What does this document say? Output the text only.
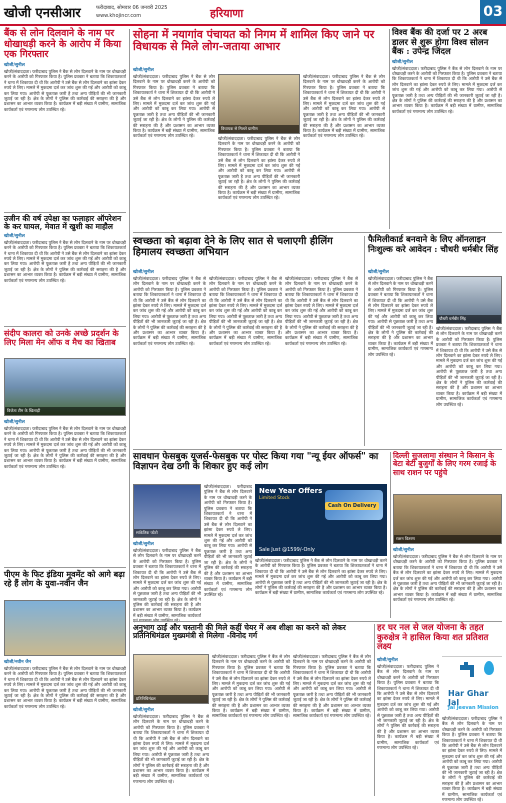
खोजी एनसीआर	फरीदाबाद, सोमवार 06 जनवरी 2025
www.khojincr.com	हरियाणा	03
बैंक से लोन दिलवाने के नाम पर धोखाधड़ी करने के आरोप में किया एक गिरफ्तार
खोजी/सुनील
खोजी/संवाददाता। फरीदाबाद पुलिस ने बैंक से लोन दिलवाने के नाम पर धोखाधड़ी करने के आरोपी को गिरफ्तार किया है। पुलिस प्रवक्ता ने बताया कि शिकायतकर्ता ने थाना में शिकायत दी थी कि आरोपी ने उसे बैंक से लोन दिलवाने का झांसा देकर रुपये ले लिए। मामले में मुकदमा दर्ज कर जांच शुरू की गई और आरोपी को काबू कर लिया गया। आरोपी से पूछताछ जारी है तथा अन्य पीड़ितों की भी जानकारी जुटाई जा रही है। क्षेत्र के लोगों ने पुलिस की कार्रवाई की सराहना की है और प्रशासन का आभार व्यक्त किया है। कार्यक्रम में बड़ी संख्या में ग्रामीण, सामाजिक कार्यकर्ता एवं गणमान्य लोग उपस्थित रहे।
उजीन की वर्ष उपेक्षा का फलाहार ऑपरेशन के कर घायल, मेवात में खुशी का माहौल
खोजी/सुनील
खोजी/संवाददाता। फरीदाबाद पुलिस ने बैंक से लोन दिलवाने के नाम पर धोखाधड़ी करने के आरोपी को गिरफ्तार किया है। पुलिस प्रवक्ता ने बताया कि शिकायतकर्ता ने थाना में शिकायत दी थी कि आरोपी ने उसे बैंक से लोन दिलवाने का झांसा देकर रुपये ले लिए। मामले में मुकदमा दर्ज कर जांच शुरू की गई और आरोपी को काबू कर लिया गया। आरोपी से पूछताछ जारी है तथा अन्य पीड़ितों की भी जानकारी जुटाई जा रही है। क्षेत्र के लोगों ने पुलिस की कार्रवाई की सराहना की है और प्रशासन का आभार व्यक्त किया है। कार्यक्रम में बड़ी संख्या में ग्रामीण, सामाजिक कार्यकर्ता एवं गणमान्य लोग उपस्थित रहे।
संदीप कालरा को उनके अच्छे प्रदर्शन के लिए मिला मेन ऑफ व मैच का खिताब
विजेता टीम के खिलाड़ी
खोजी/सुनील
खोजी/संवाददाता। फरीदाबाद पुलिस ने बैंक से लोन दिलवाने के नाम पर धोखाधड़ी करने के आरोपी को गिरफ्तार किया है। पुलिस प्रवक्ता ने बताया कि शिकायतकर्ता ने थाना में शिकायत दी थी कि आरोपी ने उसे बैंक से लोन दिलवाने का झांसा देकर रुपये ले लिए। मामले में मुकदमा दर्ज कर जांच शुरू की गई और आरोपी को काबू कर लिया गया। आरोपी से पूछताछ जारी है तथा अन्य पीड़ितों की भी जानकारी जुटाई जा रही है। क्षेत्र के लोगों ने पुलिस की कार्रवाई की सराहना की है और प्रशासन का आभार व्यक्त किया है। कार्यक्रम में बड़ी संख्या में ग्रामीण, सामाजिक कार्यकर्ता एवं गणमान्य लोग उपस्थित रहे।
पीएम के फिट इंडिया मूवमेंट को आगे बढ़ा रहे हैं लोग के युवा-नवीन जैन
खोजी/नवीन जैन
खोजी/संवाददाता। फरीदाबाद पुलिस ने बैंक से लोन दिलवाने के नाम पर धोखाधड़ी करने के आरोपी को गिरफ्तार किया है। पुलिस प्रवक्ता ने बताया कि शिकायतकर्ता ने थाना में शिकायत दी थी कि आरोपी ने उसे बैंक से लोन दिलवाने का झांसा देकर रुपये ले लिए। मामले में मुकदमा दर्ज कर जांच शुरू की गई और आरोपी को काबू कर लिया गया। आरोपी से पूछताछ जारी है तथा अन्य पीड़ितों की भी जानकारी जुटाई जा रही है। क्षेत्र के लोगों ने पुलिस की कार्रवाई की सराहना की है और प्रशासन का आभार व्यक्त किया है। कार्यक्रम में बड़ी संख्या में ग्रामीण, सामाजिक कार्यकर्ता एवं गणमान्य लोग उपस्थित रहे।
सोहना में नयागांव पंचायत को निगम में शामिल किए जाने पर विधायक से मिले लोग-जताया आभार
खोजी/सुनील
खोजी/संवाददाता। फरीदाबाद पुलिस ने बैंक से लोन दिलवाने के नाम पर धोखाधड़ी करने के आरोपी को गिरफ्तार किया है। पुलिस प्रवक्ता ने बताया कि शिकायतकर्ता ने थाना में शिकायत दी थी कि आरोपी ने उसे बैंक से लोन दिलवाने का झांसा देकर रुपये ले लिए। मामले में मुकदमा दर्ज कर जांच शुरू की गई और आरोपी को काबू कर लिया गया। आरोपी से पूछताछ जारी है तथा अन्य पीड़ितों की भी जानकारी जुटाई जा रही है। क्षेत्र के लोगों ने पुलिस की कार्रवाई की सराहना की है और प्रशासन का आभार व्यक्त किया है। कार्यक्रम में बड़ी संख्या में ग्रामीण, सामाजिक कार्यकर्ता एवं गणमान्य लोग उपस्थित रहे।
विधायक से मिलते ग्रामीण
खोजी/संवाददाता। फरीदाबाद पुलिस ने बैंक से लोन दिलवाने के नाम पर धोखाधड़ी करने के आरोपी को गिरफ्तार किया है। पुलिस प्रवक्ता ने बताया कि शिकायतकर्ता ने थाना में शिकायत दी थी कि आरोपी ने उसे बैंक से लोन दिलवाने का झांसा देकर रुपये ले लिए। मामले में मुकदमा दर्ज कर जांच शुरू की गई और आरोपी को काबू कर लिया गया। आरोपी से पूछताछ जारी है तथा अन्य पीड़ितों की भी जानकारी जुटाई जा रही है। क्षेत्र के लोगों ने पुलिस की कार्रवाई की सराहना की है और प्रशासन का आभार व्यक्त किया है। कार्यक्रम में बड़ी संख्या में ग्रामीण, सामाजिक कार्यकर्ता एवं गणमान्य लोग उपस्थित रहे।
खोजी/संवाददाता। फरीदाबाद पुलिस ने बैंक से लोन दिलवाने के नाम पर धोखाधड़ी करने के आरोपी को गिरफ्तार किया है। पुलिस प्रवक्ता ने बताया कि शिकायतकर्ता ने थाना में शिकायत दी थी कि आरोपी ने उसे बैंक से लोन दिलवाने का झांसा देकर रुपये ले लिए। मामले में मुकदमा दर्ज कर जांच शुरू की गई और आरोपी को काबू कर लिया गया। आरोपी से पूछताछ जारी है तथा अन्य पीड़ितों की भी जानकारी जुटाई जा रही है। क्षेत्र के लोगों ने पुलिस की कार्रवाई की सराहना की है और प्रशासन का आभार व्यक्त किया है। कार्यक्रम में बड़ी संख्या में ग्रामीण, सामाजिक कार्यकर्ता एवं गणमान्य लोग उपस्थित रहे।
विश्व बैंक की दर्जा पर 2 अरब डालर से शुरू होगा विश्व सोलन बैंक : उपेन्द्र जिंदल
खोजी/सुनील
खोजी/संवाददाता। फरीदाबाद पुलिस ने बैंक से लोन दिलवाने के नाम पर धोखाधड़ी करने के आरोपी को गिरफ्तार किया है। पुलिस प्रवक्ता ने बताया कि शिकायतकर्ता ने थाना में शिकायत दी थी कि आरोपी ने उसे बैंक से लोन दिलवाने का झांसा देकर रुपये ले लिए। मामले में मुकदमा दर्ज कर जांच शुरू की गई और आरोपी को काबू कर लिया गया। आरोपी से पूछताछ जारी है तथा अन्य पीड़ितों की भी जानकारी जुटाई जा रही है। क्षेत्र के लोगों ने पुलिस की कार्रवाई की सराहना की है और प्रशासन का आभार व्यक्त किया है। कार्यक्रम में बड़ी संख्या में ग्रामीण, सामाजिक कार्यकर्ता एवं गणमान्य लोग उपस्थित रहे।
स्वच्छता को बढ़ावा देने के लिए सात से चलाएगी हीलिंग हिमालय स्वच्छता अभियान
खोजी/सुनील
खोजी/संवाददाता। फरीदाबाद पुलिस ने बैंक से लोन दिलवाने के नाम पर धोखाधड़ी करने के आरोपी को गिरफ्तार किया है। पुलिस प्रवक्ता ने बताया कि शिकायतकर्ता ने थाना में शिकायत दी थी कि आरोपी ने उसे बैंक से लोन दिलवाने का झांसा देकर रुपये ले लिए। मामले में मुकदमा दर्ज कर जांच शुरू की गई और आरोपी को काबू कर लिया गया। आरोपी से पूछताछ जारी है तथा अन्य पीड़ितों की भी जानकारी जुटाई जा रही है। क्षेत्र के लोगों ने पुलिस की कार्रवाई की सराहना की है और प्रशासन का आभार व्यक्त किया है। कार्यक्रम में बड़ी संख्या में ग्रामीण, सामाजिक कार्यकर्ता एवं गणमान्य लोग उपस्थित रहे।
खोजी/संवाददाता। फरीदाबाद पुलिस ने बैंक से लोन दिलवाने के नाम पर धोखाधड़ी करने के आरोपी को गिरफ्तार किया है। पुलिस प्रवक्ता ने बताया कि शिकायतकर्ता ने थाना में शिकायत दी थी कि आरोपी ने उसे बैंक से लोन दिलवाने का झांसा देकर रुपये ले लिए। मामले में मुकदमा दर्ज कर जांच शुरू की गई और आरोपी को काबू कर लिया गया। आरोपी से पूछताछ जारी है तथा अन्य पीड़ितों की भी जानकारी जुटाई जा रही है। क्षेत्र के लोगों ने पुलिस की कार्रवाई की सराहना की है और प्रशासन का आभार व्यक्त किया है। कार्यक्रम में बड़ी संख्या में ग्रामीण, सामाजिक कार्यकर्ता एवं गणमान्य लोग उपस्थित रहे।
खोजी/संवाददाता। फरीदाबाद पुलिस ने बैंक से लोन दिलवाने के नाम पर धोखाधड़ी करने के आरोपी को गिरफ्तार किया है। पुलिस प्रवक्ता ने बताया कि शिकायतकर्ता ने थाना में शिकायत दी थी कि आरोपी ने उसे बैंक से लोन दिलवाने का झांसा देकर रुपये ले लिए। मामले में मुकदमा दर्ज कर जांच शुरू की गई और आरोपी को काबू कर लिया गया। आरोपी से पूछताछ जारी है तथा अन्य पीड़ितों की भी जानकारी जुटाई जा रही है। क्षेत्र के लोगों ने पुलिस की कार्रवाई की सराहना की है और प्रशासन का आभार व्यक्त किया है। कार्यक्रम में बड़ी संख्या में ग्रामीण, सामाजिक कार्यकर्ता एवं गणमान्य लोग उपस्थित रहे।
फैमिलीकार्ड बनवाने के लिए ऑनलाइन निःशुल्क करे आवेदन : चौधरी धर्मबीर सिंह
खोजी/सुनील
खोजी/संवाददाता। फरीदाबाद पुलिस ने बैंक से लोन दिलवाने के नाम पर धोखाधड़ी करने के आरोपी को गिरफ्तार किया है। पुलिस प्रवक्ता ने बताया कि शिकायतकर्ता ने थाना में शिकायत दी थी कि आरोपी ने उसे बैंक से लोन दिलवाने का झांसा देकर रुपये ले लिए। मामले में मुकदमा दर्ज कर जांच शुरू की गई और आरोपी को काबू कर लिया गया। आरोपी से पूछताछ जारी है तथा अन्य पीड़ितों की भी जानकारी जुटाई जा रही है। क्षेत्र के लोगों ने पुलिस की कार्रवाई की सराहना की है और प्रशासन का आभार व्यक्त किया है। कार्यक्रम में बड़ी संख्या में ग्रामीण, सामाजिक कार्यकर्ता एवं गणमान्य लोग उपस्थित रहे।
चौधरी धर्मबीर सिंह
खोजी/संवाददाता। फरीदाबाद पुलिस ने बैंक से लोन दिलवाने के नाम पर धोखाधड़ी करने के आरोपी को गिरफ्तार किया है। पुलिस प्रवक्ता ने बताया कि शिकायतकर्ता ने थाना में शिकायत दी थी कि आरोपी ने उसे बैंक से लोन दिलवाने का झांसा देकर रुपये ले लिए। मामले में मुकदमा दर्ज कर जांच शुरू की गई और आरोपी को काबू कर लिया गया। आरोपी से पूछताछ जारी है तथा अन्य पीड़ितों की भी जानकारी जुटाई जा रही है। क्षेत्र के लोगों ने पुलिस की कार्रवाई की सराहना की है और प्रशासन का आभार व्यक्त किया है। कार्यक्रम में बड़ी संख्या में ग्रामीण, सामाजिक कार्यकर्ता एवं गणमान्य लोग उपस्थित रहे।
सावधान फेसबुक यूजर्स-फेसबुक पर पोस्ट किया गया "न्यू ईयर ऑफर्स" का विज्ञापन देख ठगी के शिकार हुए कई लोग
सांकेतिक फोटो
खोजी/सुनील
खोजी/संवाददाता। फरीदाबाद पुलिस ने बैंक से लोन दिलवाने के नाम पर धोखाधड़ी करने के आरोपी को गिरफ्तार किया है। पुलिस प्रवक्ता ने बताया कि शिकायतकर्ता ने थाना में शिकायत दी थी कि आरोपी ने उसे बैंक से लोन दिलवाने का झांसा देकर रुपये ले लिए। मामले में मुकदमा दर्ज कर जांच शुरू की गई और आरोपी को काबू कर लिया गया। आरोपी से पूछताछ जारी है तथा अन्य पीड़ितों की भी जानकारी जुटाई जा रही है। क्षेत्र के लोगों ने पुलिस की कार्रवाई की सराहना की है और प्रशासन का आभार व्यक्त किया है। कार्यक्रम में बड़ी संख्या में ग्रामीण, सामाजिक कार्यकर्ता
खोजी/संवाददाता। फरीदाबाद पुलिस ने बैंक से लोन दिलवाने के नाम पर धोखाधड़ी करने के आरोपी को गिरफ्तार किया है। पुलिस प्रवक्ता ने बताया कि शिकायतकर्ता ने थाना में शिकायत दी थी कि आरोपी ने उसे बैंक से लोन दिलवाने का झांसा देकर रुपये ले लिए। मामले में मुकदमा दर्ज कर जांच शुरू की गई और आरोपी को काबू कर लिया गया। आरोपी से पूछताछ जारी है तथा अन्य पीड़ितों की भी जानकारी जुटाई जा रही है। क्षेत्र के लोगों ने पुलिस की कार्रवाई की सराहना की है और प्रशासन का आभार व्यक्त किया है। कार्यक्रम में बड़ी संख्या में ग्रामीण, सामाजिक कार्यकर्ता एवं गणमान्य लोग उपस्थित रहे।
New Year Offers
Limited Stock
Cash On Delivery
Sale Just @1599/-Only
खोजी/संवाददाता। फरीदाबाद पुलिस ने बैंक से लोन दिलवाने के नाम पर धोखाधड़ी करने के आरोपी को गिरफ्तार किया है। पुलिस प्रवक्ता ने बताया कि शिकायतकर्ता ने थाना में शिकायत दी थी कि आरोपी ने उसे बैंक से लोन दिलवाने का झांसा देकर रुपये ले लिए। मामले में मुकदमा दर्ज कर जांच शुरू की गई और आरोपी को काबू कर लिया गया। आरोपी से पूछताछ जारी है तथा अन्य पीड़ितों की भी जानकारी जुटाई जा रही है। क्षेत्र के लोगों ने पुलिस की कार्रवाई की सराहना की है और प्रशासन का आभार व्यक्त किया है। कार्यक्रम में बड़ी संख्या में ग्रामीण, सामाजिक कार्यकर्ता एवं गणमान्य लोग उपस्थित रहे।
दिल्ली सुजलामा संस्थान ने किसान के बेटा बेटी बुजुर्गों के लिए गरम रजाई के साथ राशन पर पहुंचे
राशन वितरण
खोजी/सुनील
खोजी/संवाददाता। फरीदाबाद पुलिस ने बैंक से लोन दिलवाने के नाम पर धोखाधड़ी करने के आरोपी को गिरफ्तार किया है। पुलिस प्रवक्ता ने बताया कि शिकायतकर्ता ने थाना में शिकायत दी थी कि आरोपी ने उसे बैंक से लोन दिलवाने का झांसा देकर रुपये ले लिए। मामले में मुकदमा दर्ज कर जांच शुरू की गई और आरोपी को काबू कर लिया गया। आरोपी से पूछताछ जारी है तथा अन्य पीड़ितों की भी जानकारी जुटाई जा रही है। क्षेत्र के लोगों ने पुलिस की कार्रवाई की सराहना की है और प्रशासन का आभार व्यक्त किया है। कार्यक्रम में बड़ी संख्या में ग्रामीण, सामाजिक कार्यकर्ता एवं गणमान्य लोग उपस्थित रहे।
अनुभाग ठाईं और चस्तानी की मिले कहीं चेयर में अब शीक्षा का करने को लेकर प्रतिनिधिमंडल मुख्यमंत्री से मिलेगा -विनोद गर्ग
प्रतिनिधिमंडल
खोजी/सुनील
खोजी/संवाददाता। फरीदाबाद पुलिस ने बैंक से लोन दिलवाने के नाम पर धोखाधड़ी करने के आरोपी को गिरफ्तार किया है। पुलिस प्रवक्ता ने बताया कि शिकायतकर्ता ने थाना में शिकायत दी थी कि आरोपी ने उसे बैंक से लोन दिलवाने का झांसा देकर रुपये ले लिए। मामले में मुकदमा दर्ज कर जांच शुरू की गई और आरोपी को काबू कर लिया गया। आरोपी से पूछताछ जारी है तथा अन्य पीड़ितों की भी जानकारी जुटाई जा रही है। क्षेत्र के लोगों ने पुलिस की कार्रवाई की सराहना की है और प्रशासन का आभार व्यक्त किया है। कार्यक्रम में बड़ी संख्या में ग्रामीण, सामाजिक कार्यकर्ता एवं गणमान्य लोग उपस्थित रहे।
खोजी/संवाददाता। फरीदाबाद पुलिस ने बैंक से लोन दिलवाने के नाम पर धोखाधड़ी करने के आरोपी को गिरफ्तार किया है। पुलिस प्रवक्ता ने बताया कि शिकायतकर्ता ने थाना में शिकायत दी थी कि आरोपी ने उसे बैंक से लोन दिलवाने का झांसा देकर रुपये ले लिए। मामले में मुकदमा दर्ज कर जांच शुरू की गई और आरोपी को काबू कर लिया गया। आरोपी से पूछताछ जारी है तथा अन्य पीड़ितों की भी जानकारी जुटाई जा रही है। क्षेत्र के लोगों ने पुलिस की कार्रवाई की सराहना की है और प्रशासन का आभार व्यक्त किया है। कार्यक्रम में बड़ी संख्या में ग्रामीण, सामाजिक कार्यकर्ता एवं गणमान्य लोग उपस्थित रहे।
खोजी/संवाददाता। फरीदाबाद पुलिस ने बैंक से लोन दिलवाने के नाम पर धोखाधड़ी करने के आरोपी को गिरफ्तार किया है। पुलिस प्रवक्ता ने बताया कि शिकायतकर्ता ने थाना में शिकायत दी थी कि आरोपी ने उसे बैंक से लोन दिलवाने का झांसा देकर रुपये ले लिए। मामले में मुकदमा दर्ज कर जांच शुरू की गई और आरोपी को काबू कर लिया गया। आरोपी से पूछताछ जारी है तथा अन्य पीड़ितों की भी जानकारी जुटाई जा रही है। क्षेत्र के लोगों ने पुलिस की कार्रवाई की सराहना की है और प्रशासन का आभार व्यक्त किया है। कार्यक्रम में बड़ी संख्या में ग्रामीण, सामाजिक कार्यकर्ता एवं गणमान्य लोग उपस्थित रहे।
हर घर नल से जल योजना के तहत कुरुक्षेत्र ने हासिल किया शत प्रतिशत लक्ष्य
खोजी/सुनील
खोजी/संवाददाता। फरीदाबाद पुलिस ने बैंक से लोन दिलवाने के नाम पर धोखाधड़ी करने के आरोपी को गिरफ्तार किया है। पुलिस प्रवक्ता ने बताया कि शिकायतकर्ता ने थाना में शिकायत दी थी कि आरोपी ने उसे बैंक से लोन दिलवाने का झांसा देकर रुपये ले लिए। मामले में मुकदमा दर्ज कर जांच शुरू की गई और आरोपी को काबू कर लिया गया। आरोपी से पूछताछ जारी है तथा अन्य पीड़ितों की भी जानकारी जुटाई जा रही है। क्षेत्र के लोगों ने पुलिस की कार्रवाई की सराहना की है और प्रशासन का आभार व्यक्त किया है। कार्यक्रम में बड़ी संख्या में ग्रामीण, सामाजिक कार्यकर्ता एवं गणमान्य लोग उपस्थित रहे।
Har Ghar Jal
Jal Jeevan Mission
खोजी/संवाददाता। फरीदाबाद पुलिस ने बैंक से लोन दिलवाने के नाम पर धोखाधड़ी करने के आरोपी को गिरफ्तार किया है। पुलिस प्रवक्ता ने बताया कि शिकायतकर्ता ने थाना में शिकायत दी थी कि आरोपी ने उसे बैंक से लोन दिलवाने का झांसा देकर रुपये ले लिए। मामले में मुकदमा दर्ज कर जांच शुरू की गई और आरोपी को काबू कर लिया गया। आरोपी से पूछताछ जारी है तथा अन्य पीड़ितों की भी जानकारी जुटाई जा रही है। क्षेत्र के लोगों ने पुलिस की कार्रवाई की सराहना की है और प्रशासन का आभार व्यक्त किया है। कार्यक्रम में बड़ी संख्या में ग्रामीण, सामाजिक कार्यकर्ता एवं गणमान्य लोग उपस्थित रहे।
